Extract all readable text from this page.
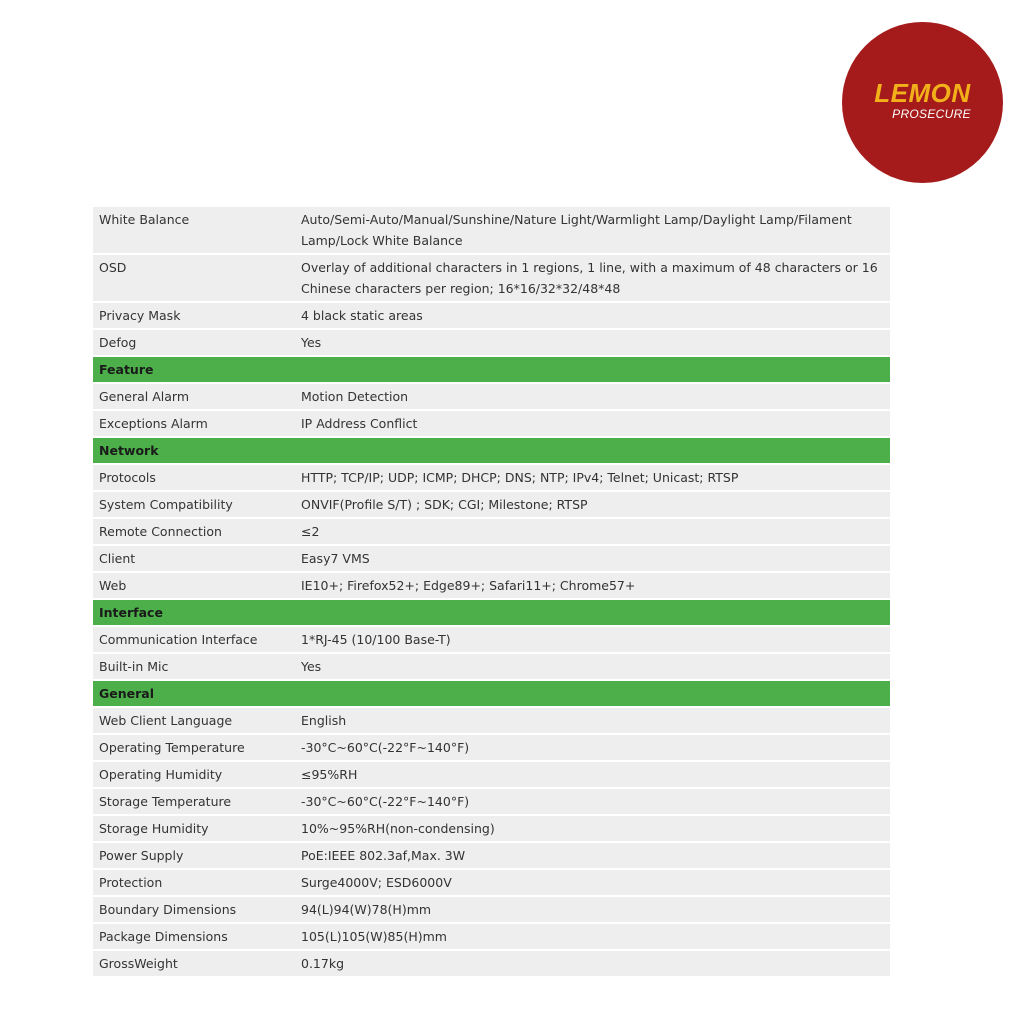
LEMON
PROSECURE
White Balance	Auto/Semi-Auto/Manual/Sunshine/Nature Light/Warmlight Lamp/Daylight Lamp/Filament Lamp/Lock White Balance
OSD	Overlay of additional characters in 1 regions, 1 line, with a maximum of 48 characters or 16 Chinese characters per region; 16*16/32*32/48*48
Privacy Mask	4 black static areas
Defog	Yes
Feature	
General Alarm	Motion Detection
Exceptions Alarm	IP Address Conflict
Network	
Protocols	HTTP; TCP/IP; UDP; ICMP; DHCP; DNS; NTP; IPv4; Telnet; Unicast; RTSP
System Compatibility	ONVIF(Profile S/T) ; SDK; CGI; Milestone; RTSP
Remote Connection	≤2
Client	Easy7 VMS
Web	IE10+; Firefox52+; Edge89+; Safari11+; Chrome57+
Interface	
Communication Interface	1*RJ-45 (10/100 Base-T)
Built-in Mic	Yes
General	
Web Client Language	English
Operating Temperature	-30°C~60°C(-22°F~140°F)
Operating Humidity	≤95%RH
Storage Temperature	-30°C~60°C(-22°F~140°F)
Storage Humidity	10%~95%RH(non-condensing)
Power Supply	PoE:IEEE 802.3af,Max. 3W
Protection	Surge4000V; ESD6000V
Boundary Dimensions	94(L)94(W)78(H)mm
Package Dimensions	105(L)105(W)85(H)mm
GrossWeight	0.17kg
